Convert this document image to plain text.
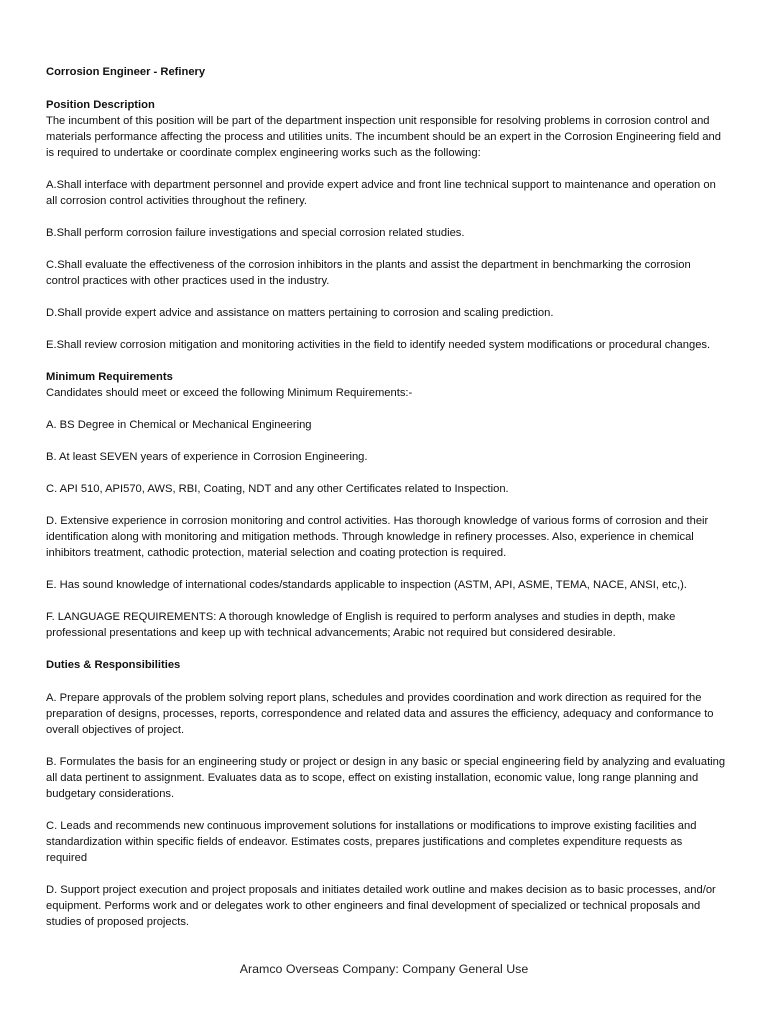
Corrosion Engineer - Refinery

Position Description

The incumbent of this position will be part of the department inspection unit responsible for resolving problems in corrosion control and materials performance affecting the process and utilities units. The incumbent should be an expert in the Corrosion Engineering field and is required to undertake or coordinate complex engineering works such as the following:

A.Shall interface with department personnel and provide expert advice and front line technical support to maintenance and operation on all corrosion control activities throughout the refinery.

B.Shall perform corrosion failure investigations and special corrosion related studies.

C.Shall evaluate the effectiveness of the corrosion inhibitors in the plants and assist the department in benchmarking the corrosion control practices with other practices used in the industry.

D.Shall provide expert advice and assistance on matters pertaining to corrosion and scaling prediction.

E.Shall review corrosion mitigation and monitoring activities in the field to identify needed system modifications or procedural changes.

Minimum Requirements

Candidates should meet or exceed the following Minimum Requirements:-

A. BS Degree in Chemical or Mechanical Engineering

B. At least SEVEN years of experience in Corrosion Engineering.

C. API 510, API570, AWS, RBI, Coating, NDT and any other Certificates related to Inspection.

D. Extensive experience in corrosion monitoring and control activities. Has thorough knowledge of various forms of corrosion and their identification along with monitoring and mitigation methods. Through knowledge in refinery processes. Also, experience in chemical inhibitors treatment, cathodic protection, material selection and coating protection is required.

E. Has sound knowledge of international codes/standards applicable to inspection (ASTM, API, ASME, TEMA, NACE, ANSI, etc,).

F. LANGUAGE REQUIREMENTS: A thorough knowledge of English is required to perform analyses and studies in depth, make professional presentations and keep up with technical advancements; Arabic not required but considered desirable.

Duties & Responsibilities

A. Prepare approvals of the problem solving report plans, schedules and provides coordination and work direction as required for the preparation of designs, processes, reports, correspondence and related data and assures the efficiency, adequacy and conformance to overall objectives of project.

B. Formulates the basis for an engineering study or project or design in any basic or special engineering field by analyzing and evaluating all data pertinent to assignment. Evaluates data as to scope, effect on existing installation, economic value, long range planning and budgetary considerations.

C. Leads and recommends new continuous improvement solutions for installations or modifications to improve existing facilities and standardization within specific fields of endeavor. Estimates costs, prepares justifications and completes expenditure requests as required

D. Support project execution and project proposals and initiates detailed work outline and makes decision as to basic processes, and/or equipment. Performs work and or delegates work to other engineers and final development of specialized or technical proposals and studies of proposed projects.

Aramco Overseas Company: Company General Use
